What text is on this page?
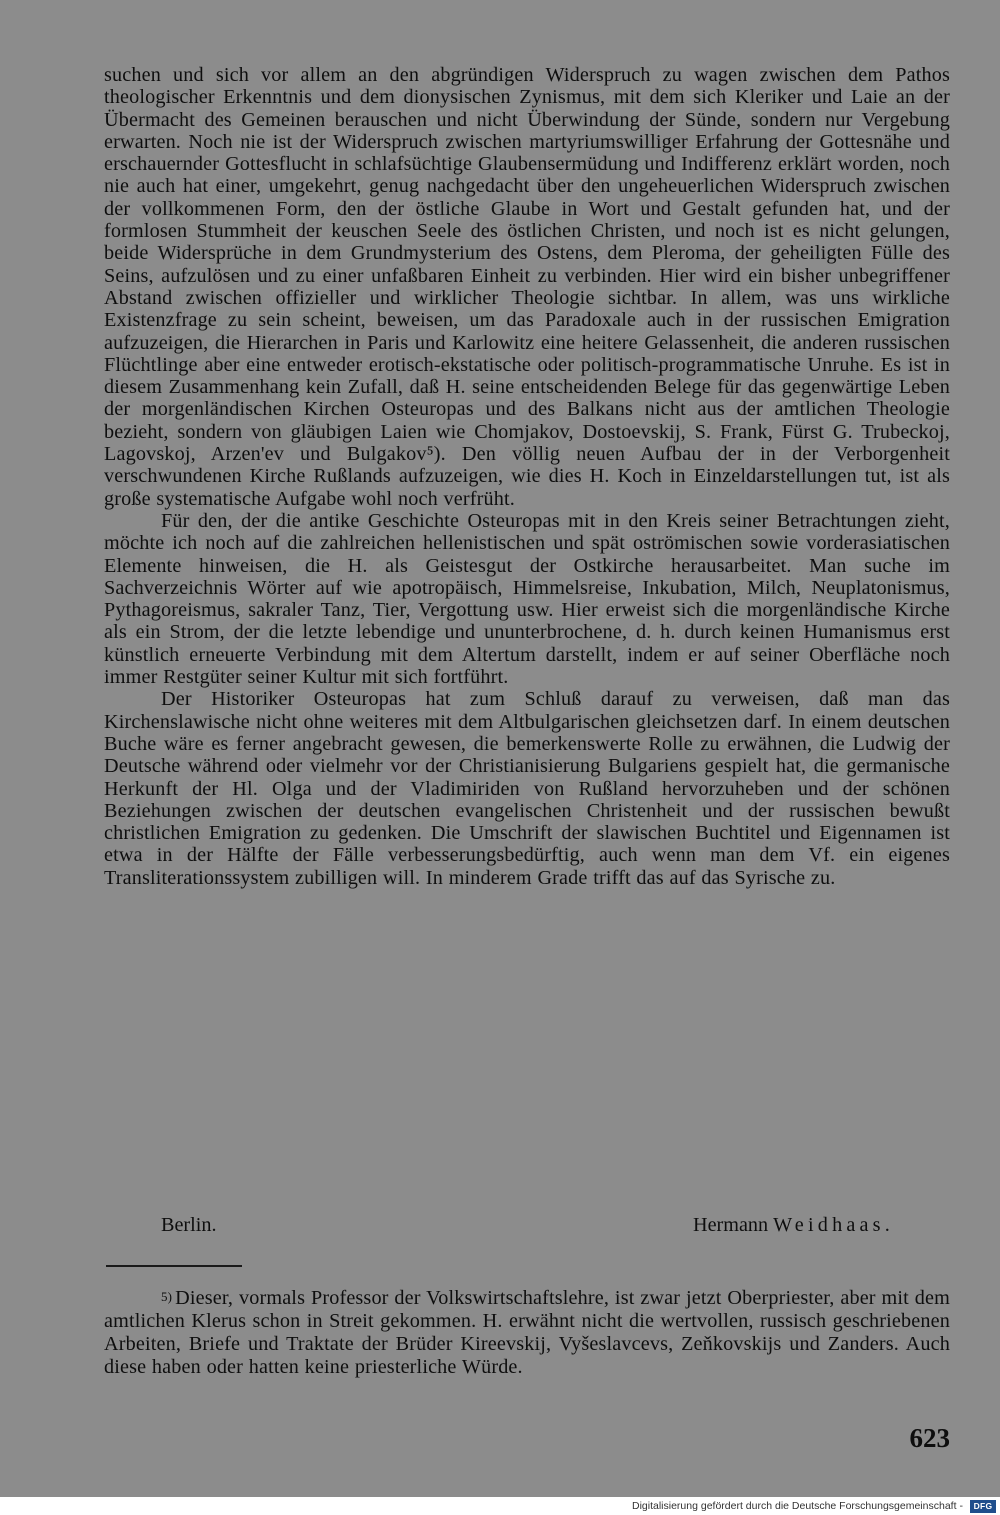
suchen und sich vor allem an den abgründigen Widerspruch zu wagen zwischen dem Pathos theologischer Erkenntnis und dem dionysischen Zynismus, mit dem sich Kleriker und Laie an der Übermacht des Gemeinen berauschen und nicht Überwindung der Sünde, sondern nur Vergebung erwarten. Noch nie ist der Widerspruch zwischen martyriumswilliger Erfahrung der Gottesnähe und erschauernder Gottesflucht in schlafsüchtige Glaubensermüdung und Indifferenz erklärt worden, noch nie auch hat einer, umgekehrt, genug nachgedacht über den ungeheuerlichen Widerspruch zwischen der vollkommenen Form, den der östliche Glaube in Wort und Gestalt gefunden hat, und der formlosen Stummheit der keuschen Seele des östlichen Christen, und noch ist es nicht gelungen, beide Widersprüche in dem Grundmysterium des Ostens, dem Pleroma, der geheiligten Fülle des Seins, aufzulösen und zu einer unfaßbaren Einheit zu verbinden. Hier wird ein bisher unbegriffener Abstand zwischen offizieller und wirklicher Theologie sichtbar. In allem, was uns wirkliche Existenzfrage zu sein scheint, beweisen, um das Paradoxale auch in der russischen Emigration aufzuzeigen, die Hierarchen in Paris und Karlowitz eine heitere Gelassenheit, die anderen russischen Flüchtlinge aber eine entweder erotisch-ekstatische oder politisch-programmatische Unruhe. Es ist in diesem Zusammenhang kein Zufall, daß H. seine entscheidenden Belege für das gegenwärtige Leben der morgenländischen Kirchen Osteuropas und des Balkans nicht aus der amtlichen Theologie bezieht, sondern von gläubigen Laien wie Chomjakov, Dostoevskij, S. Frank, Fürst G. Trubeckoj, Lagovskoj, Arzen'ev und Bulgakov⁵). Den völlig neuen Aufbau der in der Verborgenheit verschwundenen Kirche Rußlands aufzuzeigen, wie dies H. Koch in Einzeldarstellungen tut, ist als große systematische Aufgabe wohl noch verfrüht.

Für den, der die antike Geschichte Osteuropas mit in den Kreis seiner Betrachtungen zieht, möchte ich noch auf die zahlreichen hellenistischen und spät oströmischen sowie vorderasiatischen Elemente hinweisen, die H. als Geistesgut der Ostkirche herausarbeitet. Man suche im Sachverzeichnis Wörter auf wie apotropäisch, Himmelsreise, Inkubation, Milch, Neuplatonismus, Pythagoreismus, sakraler Tanz, Tier, Vergottung usw. Hier erweist sich die morgenländische Kirche als ein Strom, der die letzte lebendige und ununterbrochene, d. h. durch keinen Humanismus erst künstlich erneuerte Verbindung mit dem Altertum darstellt, indem er auf seiner Oberfläche noch immer Restgüter seiner Kultur mit sich fortführt.

Der Historiker Osteuropas hat zum Schluß darauf zu verweisen, daß man das Kirchenslawische nicht ohne weiteres mit dem Altbulgarischen gleichsetzen darf. In einem deutschen Buche wäre es ferner angebracht gewesen, die bemerkenswerte Rolle zu erwähnen, die Ludwig der Deutsche während oder vielmehr vor der Christianisierung Bulgariens gespielt hat, die germanische Herkunft der Hl. Olga und der Vladimiriden von Rußland hervorzuheben und der schönen Beziehungen zwischen der deutschen evangelischen Christenheit und der russischen bewußt christlichen Emigration zu gedenken. Die Umschrift der slawischen Buchtitel und Eigennamen ist etwa in der Hälfte der Fälle verbesserungsbedürftig, auch wenn man dem Vf. ein eigenes Transliterationssystem zubilligen will. In minderem Grade trifft das auf das Syrische zu.

Berlin.	Hermann Weidhaas.

$^{5)}$ Dieser, vormals Professor der Volkswirtschaftslehre, ist zwar jetzt Oberpriester, aber mit dem amtlichen Klerus schon in Streit gekommen. H. erwähnt nicht die wertvollen, russisch geschriebenen Arbeiten, Briefe und Traktate der Brüder Kireevskij, Vyšeslavcevs, Zeňkovskijs und Zanders. Auch diese haben oder hatten keine priesterliche Würde.

623
Digitalisierung gefördert durch die Deutsche Forschungsgemeinschaft -	DFG
